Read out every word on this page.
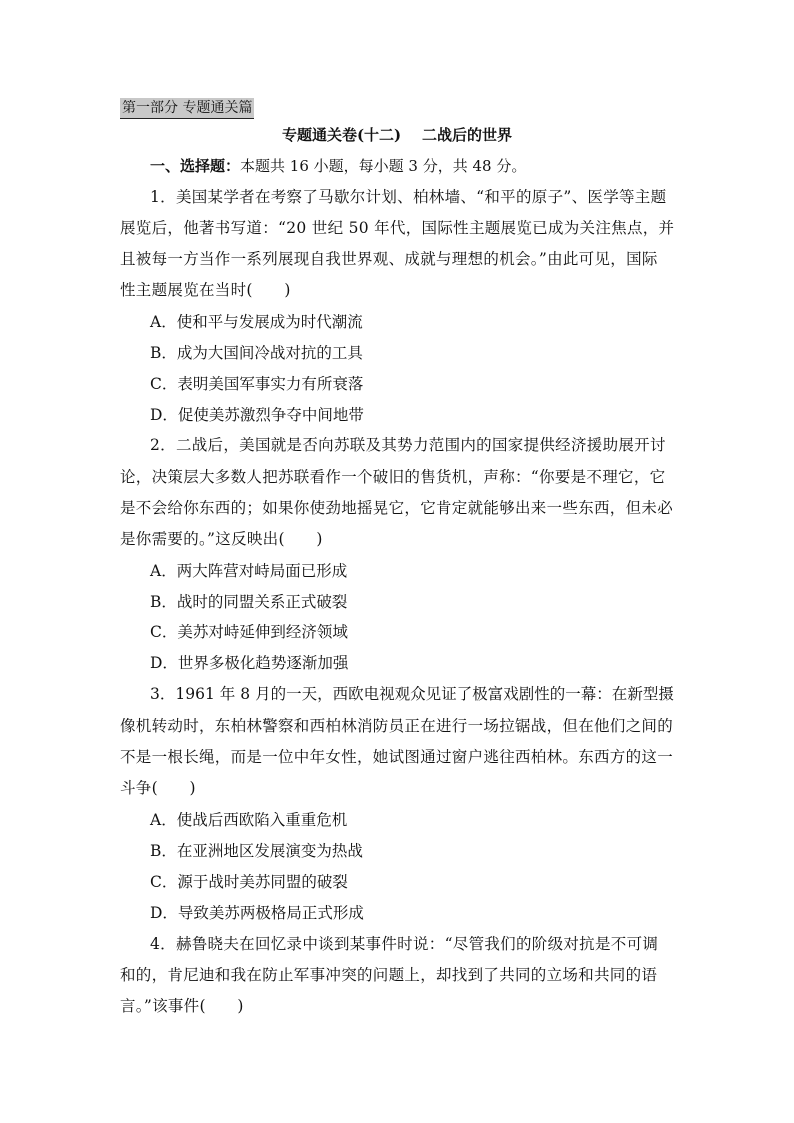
第一部分 专题通关篇
专题通关卷(十二)    二战后的世界
一、选择题：本题共 16 小题，每小题 3 分，共 48 分。
1．美国某学者在考察了马歇尔计划、柏林墙、“和平的原子”、医学等主题
展览后，他著书写道：“20 世纪 50 年代，国际性主题展览已成为关注焦点，并
且被每一方当作一系列展现自我世界观、成就与理想的机会。”由此可见，国际
性主题展览在当时(　　)
A．使和平与发展成为时代潮流
B．成为大国间冷战对抗的工具
C．表明美国军事实力有所衰落
D．促使美苏激烈争夺中间地带
2．二战后，美国就是否向苏联及其势力范围内的国家提供经济援助展开讨
论，决策层大多数人把苏联看作一个破旧的售货机，声称：“你要是不理它，它
是不会给你东西的；如果你使劲地摇晃它，它肯定就能够出来一些东西，但未必
是你需要的。”这反映出(　　)
A．两大阵营对峙局面已形成
B．战时的同盟关系正式破裂
C．美苏对峙延伸到经济领域
D．世界多极化趋势逐渐加强
3．1961 年 8 月的一天，西欧电视观众见证了极富戏剧性的一幕：在新型摄
像机转动时，东柏林警察和西柏林消防员正在进行一场拉锯战，但在他们之间的
不是一根长绳，而是一位中年女性，她试图通过窗户逃往西柏林。东西方的这一
斗争(　　)
A．使战后西欧陷入重重危机
B．在亚洲地区发展演变为热战
C．源于战时美苏同盟的破裂
D．导致美苏两极格局正式形成
4．赫鲁晓夫在回忆录中谈到某事件时说：“尽管我们的阶级对抗是不可调
和的，肯尼迪和我在防止军事冲突的问题上，却找到了共同的立场和共同的语
言。”该事件(　　)
